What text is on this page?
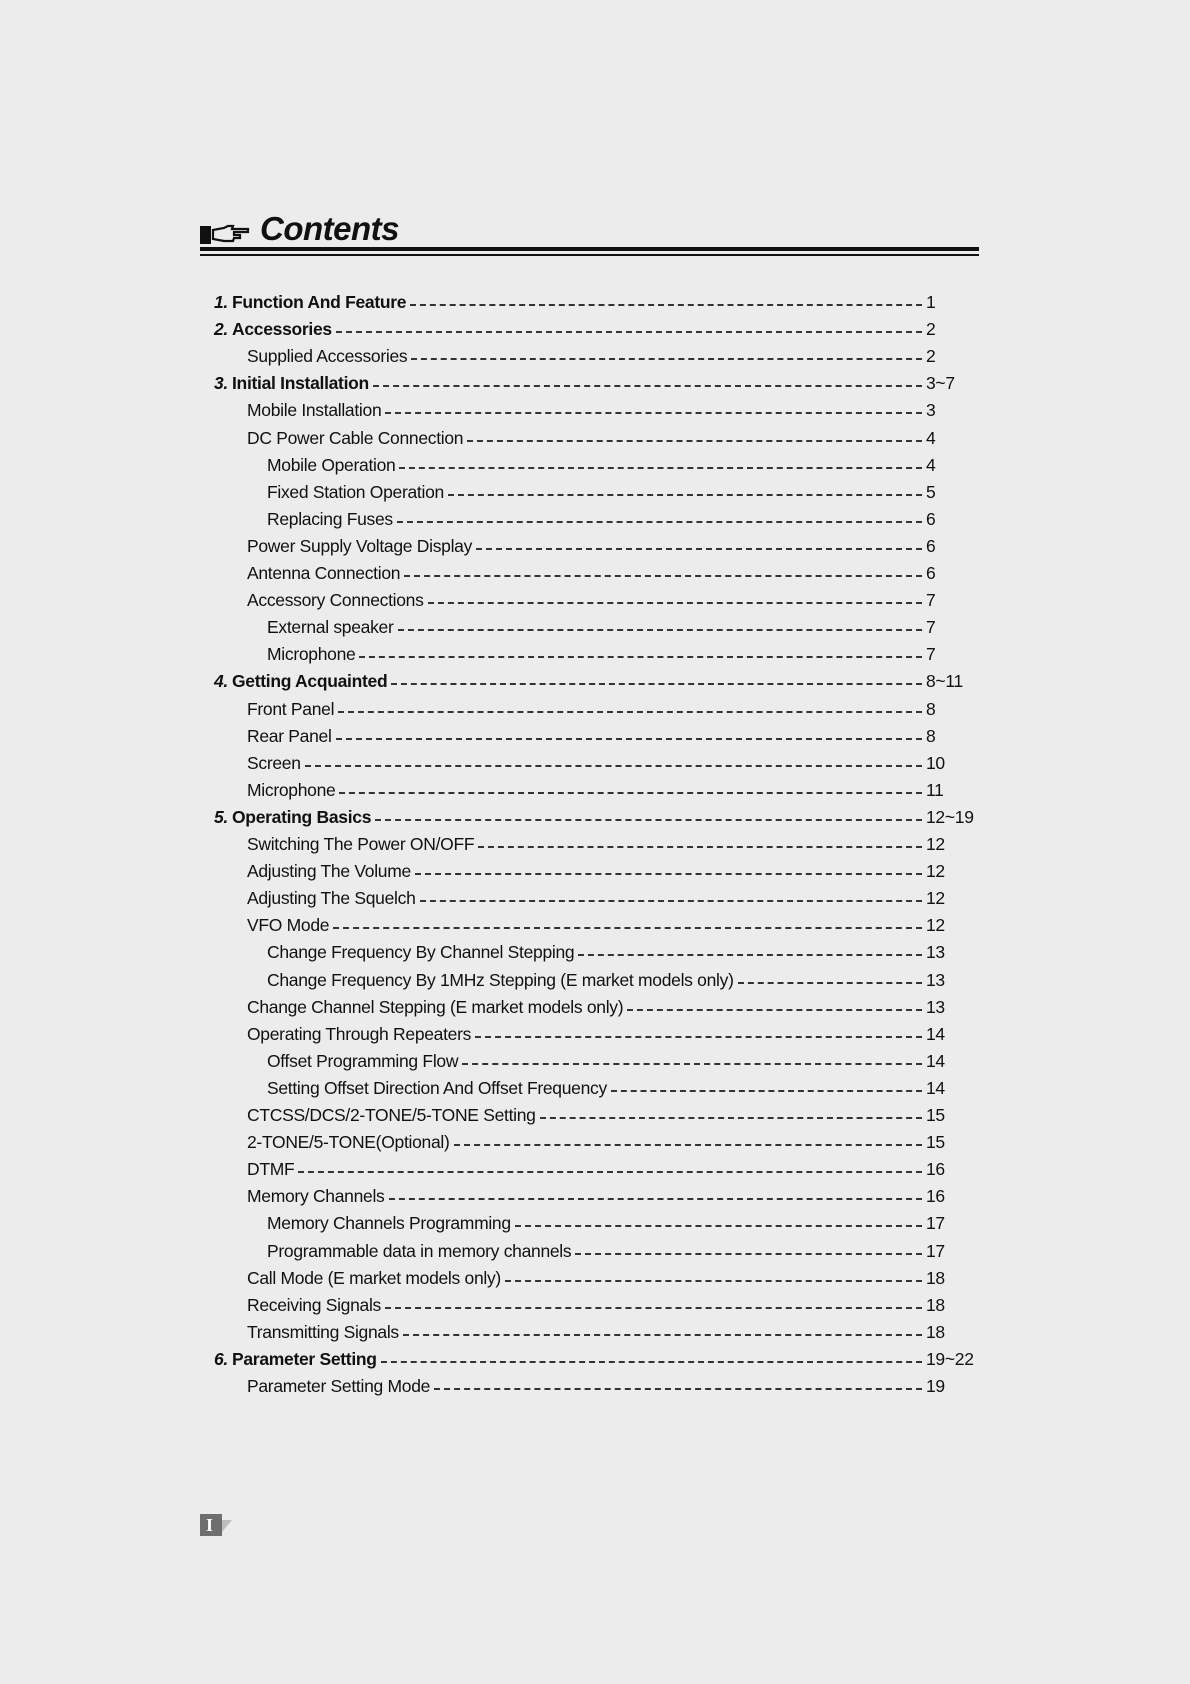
Contents
1. Function And Feature	1
2. Accessories	2
Supplied Accessories	2
3. Initial Installation	3~7
Mobile Installation	3
DC Power Cable Connection	4
Mobile Operation	4
Fixed Station Operation	5
Replacing Fuses	6
Power Supply Voltage Display	6
Antenna Connection	6
Accessory Connections	7
External speaker	7
Microphone	7
4. Getting Acquainted	8~11
Front Panel	8
Rear Panel	8
Screen	10
Microphone	11
5. Operating Basics	12~19
Switching The Power ON/OFF	12
Adjusting The Volume	12
Adjusting The Squelch	12
VFO Mode	12
Change Frequency By Channel Stepping	13
Change Frequency By 1MHz Stepping (E market models only)	13
Change Channel Stepping (E market models only)	13
Operating Through Repeaters	14
Offset Programming Flow	14
Setting Offset Direction And Offset Frequency	14
CTCSS/DCS/2-TONE/5-TONE Setting	15
2-TONE/5-TONE(Optional)	15
DTMF	16
Memory Channels	16
Memory Channels Programming	17
Programmable data in memory channels	17
Call Mode (E market models only)	18
Receiving Signals	18
Transmitting Signals	18
6. Parameter Setting	19~22
Parameter Setting Mode	19
I
